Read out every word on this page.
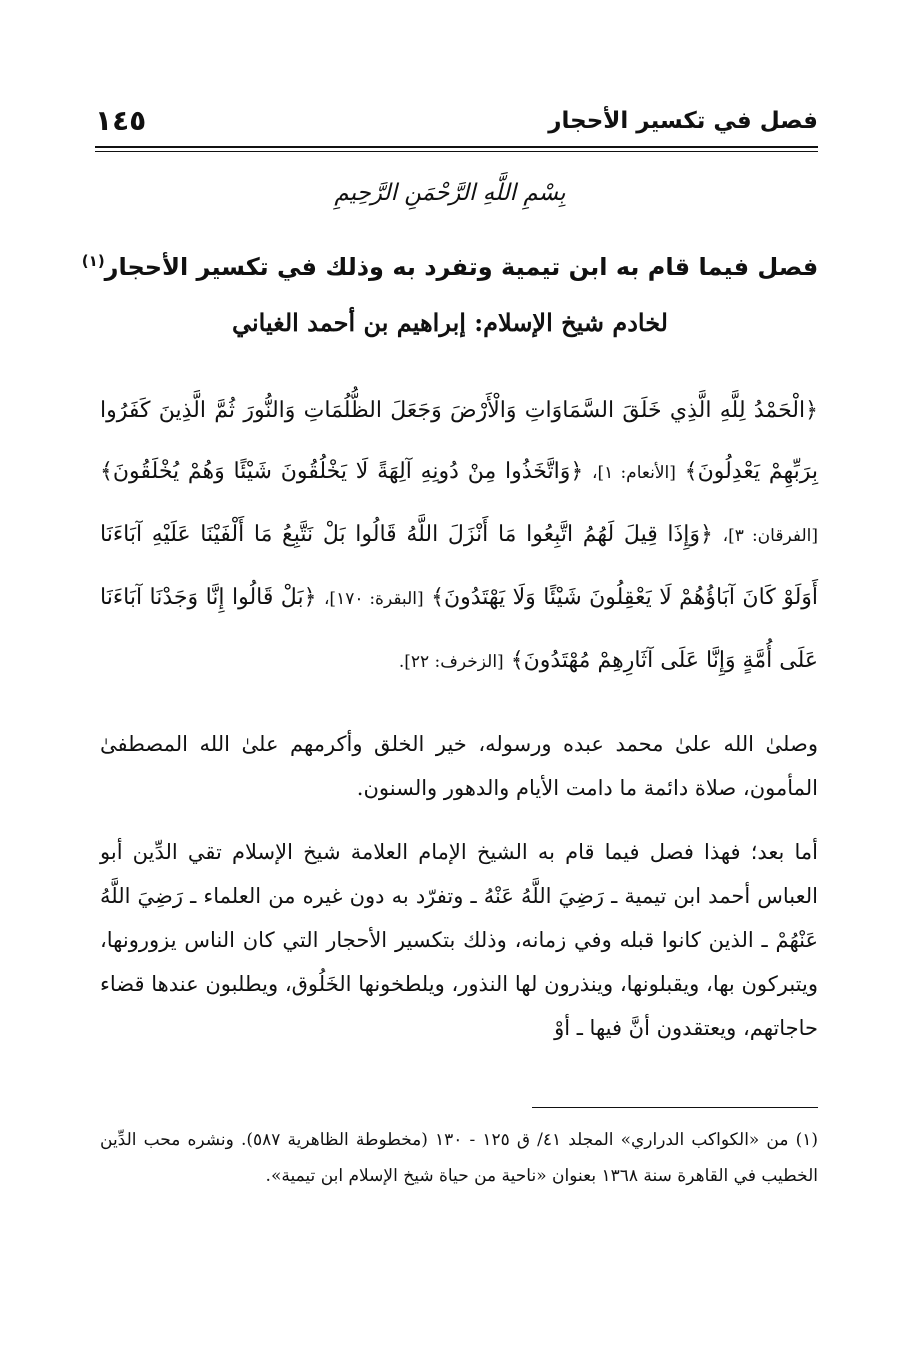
فصل في تكسير الأحجار
١٤٥
بِسْمِ اللَّهِ الرَّحْمَنِ الرَّحِيمِ
فصل فيما قام به ابن تيمية وتفرد به وذلك في تكسير الأحجار$^{(١)}$
لخادم شيخ الإسلام: إبراهيم بن أحمد الغياني
﴿الْحَمْدُ لِلَّهِ الَّذِي خَلَقَ السَّمَاوَاتِ وَالْأَرْضَ وَجَعَلَ الظُّلُمَاتِ وَالنُّورَ ثُمَّ الَّذِينَ كَفَرُوا بِرَبِّهِمْ يَعْدِلُونَ﴾ [الأنعام: ١]، ﴿وَاتَّخَذُوا مِنْ دُونِهِ آلِهَةً لَا يَخْلُقُونَ شَيْئًا وَهُمْ يُخْلَقُونَ﴾ [الفرقان: ٣]، ﴿وَإِذَا قِيلَ لَهُمُ اتَّبِعُوا مَا أَنْزَلَ اللَّهُ قَالُوا بَلْ نَتَّبِعُ مَا أَلْفَيْنَا عَلَيْهِ آبَاءَنَا أَوَلَوْ كَانَ آبَاؤُهُمْ لَا يَعْقِلُونَ شَيْئًا وَلَا يَهْتَدُونَ﴾ [البقرة: ١٧٠]، ﴿بَلْ قَالُوا إِنَّا وَجَدْنَا آبَاءَنَا عَلَى أُمَّةٍ وَإِنَّا عَلَى آثَارِهِمْ مُهْتَدُونَ﴾ [الزخرف: ٢٢].
وصلىٰ الله علىٰ محمد عبده ورسوله، خير الخلق وأكرمهم علىٰ الله المصطفىٰ المأمون، صلاة دائمة ما دامت الأيام والدهور والسنون.
أما بعد؛ فهذا فصل فيما قام به الشيخ الإمام العلامة شيخ الإسلام تقي الدِّين أبو العباس أحمد ابن تيمية ـ رَضِيَ اللَّهُ عَنْهُ ـ وتفرّد به دون غيره من العلماء ـ رَضِيَ اللَّهُ عَنْهُمْ ـ الذين كانوا قبله وفي زمانه، وذلك بتكسير الأحجار التي كان الناس يزورونها، ويتبركون بها، ويقبلونها، وينذرون لها النذور، ويلطخونها الخَلُوق، ويطلبون عندها قضاء حاجاتهم، ويعتقدون أنَّ فيها ـ أوْ
(١) من «الكواكب الدراري» المجلد ٤١/ ق ١٢٥ - ١٣٠ (مخطوطة الظاهرية ٥٨٧). ونشره محب الدِّين الخطيب في القاهرة سنة ١٣٦٨ بعنوان «ناحية من حياة شيخ الإسلام ابن تيمية».
